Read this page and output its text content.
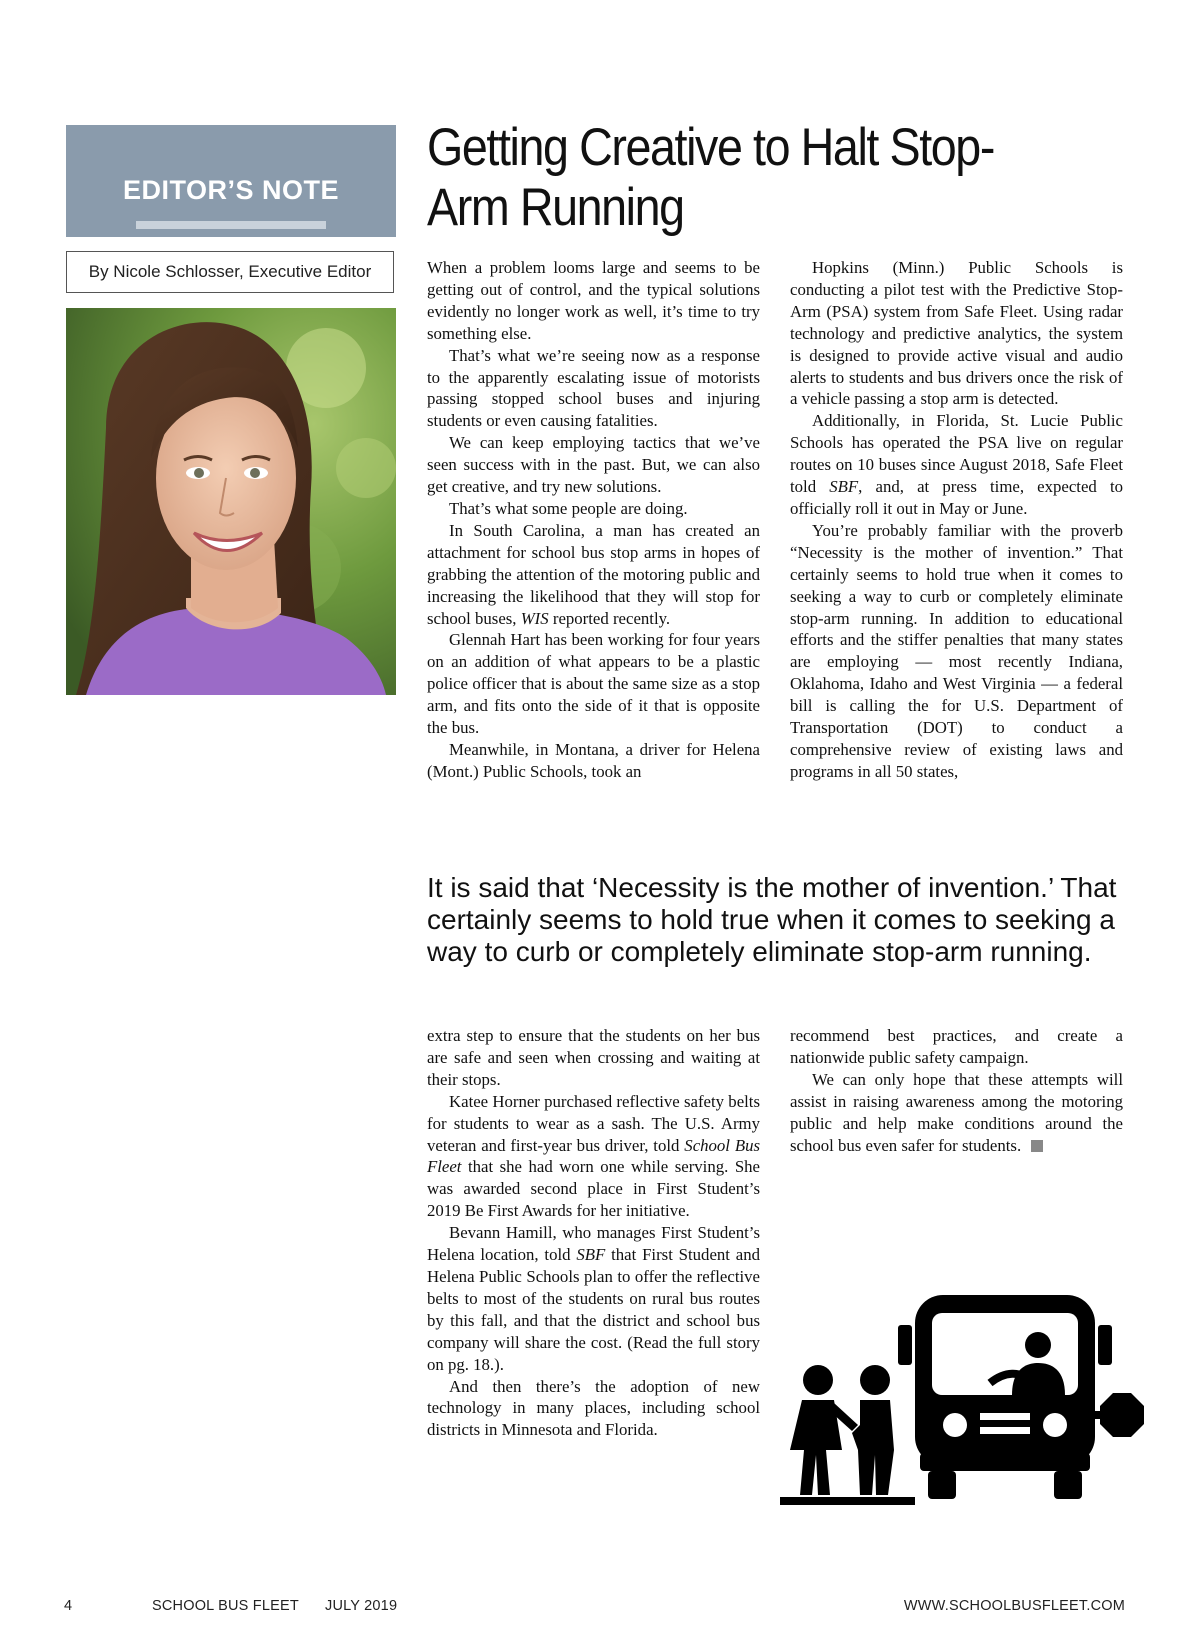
EDITOR’S NOTE
By Nicole Schlosser, Executive Editor
Getting Creative to Halt Stop-Arm Running

When a problem looms large and seems to be getting out of control, and the typical solutions evidently no longer work as well, it’s time to try something else.

That’s what we’re seeing now as a response to the apparently escalating issue of motorists passing stopped school buses and injuring students or even causing fatalities.

We can keep employing tactics that we’ve seen success with in the past. But, we can also get creative, and try new solutions.

That’s what some people are doing.

In South Carolina, a man has created an attachment for school bus stop arms in hopes of grabbing the attention of the motoring public and increasing the likelihood that they will stop for school buses, WIS reported recently.

Glennah Hart has been working for four years on an addition of what appears to be a plastic police officer that is about the same size as a stop arm, and fits onto the side of it that is opposite the bus.

Meanwhile, in Montana, a driver for Helena (Mont.) Public Schools, took an

Hopkins (Minn.) Public Schools is conducting a pilot test with the Predictive Stop-Arm (PSA) system from Safe Fleet. Using radar technology and predictive analytics, the system is designed to provide active visual and audio alerts to students and bus drivers once the risk of a vehicle passing a stop arm is detected.

Additionally, in Florida, St. Lucie Public Schools has operated the PSA live on regular routes on 10 buses since August 2018, Safe Fleet told SBF, and, at press time, expected to officially roll it out in May or June.

You’re probably familiar with the proverb “Necessity is the mother of invention.” That certainly seems to hold true when it comes to seeking a way to curb or completely eliminate stop-arm running. In addition to educational efforts and the stiffer penalties that many states are employing — most recently Indiana, Oklahoma, Idaho and West Virginia — a federal bill is calling the for U.S. Department of Transportation (DOT) to conduct a comprehensive review of existing laws and programs in all 50 states,

It is said that ‘Necessity is the mother of invention.’ That certainly seems to hold true when it comes to seeking a way to curb or completely eliminate stop-arm running.

extra step to ensure that the students on her bus are safe and seen when crossing and waiting at their stops.

Katee Horner purchased reflective safety belts for students to wear as a sash. The U.S. Army veteran and first-year bus driver, told School Bus Fleet that she had worn one while serving. She was awarded second place in First Student’s 2019 Be First Awards for her initiative.

Bevann Hamill, who manages First Student’s Helena location, told SBF that First Student and Helena Public Schools plan to offer the reflective belts to most of the students on rural bus routes by this fall, and that the district and school bus company will share the cost. (Read the full story on pg. 18.).

And then there’s the adoption of new technology in many places, including school districts in Minnesota and Florida.

recommend best practices, and create a nationwide public safety campaign.

We can only hope that these attempts will assist in raising awareness among the motoring public and help make conditions around the school bus even safer for students.

4	SCHOOL BUS FLEET JULY 2019	WWW.SCHOOLBUSFLEET.COM
